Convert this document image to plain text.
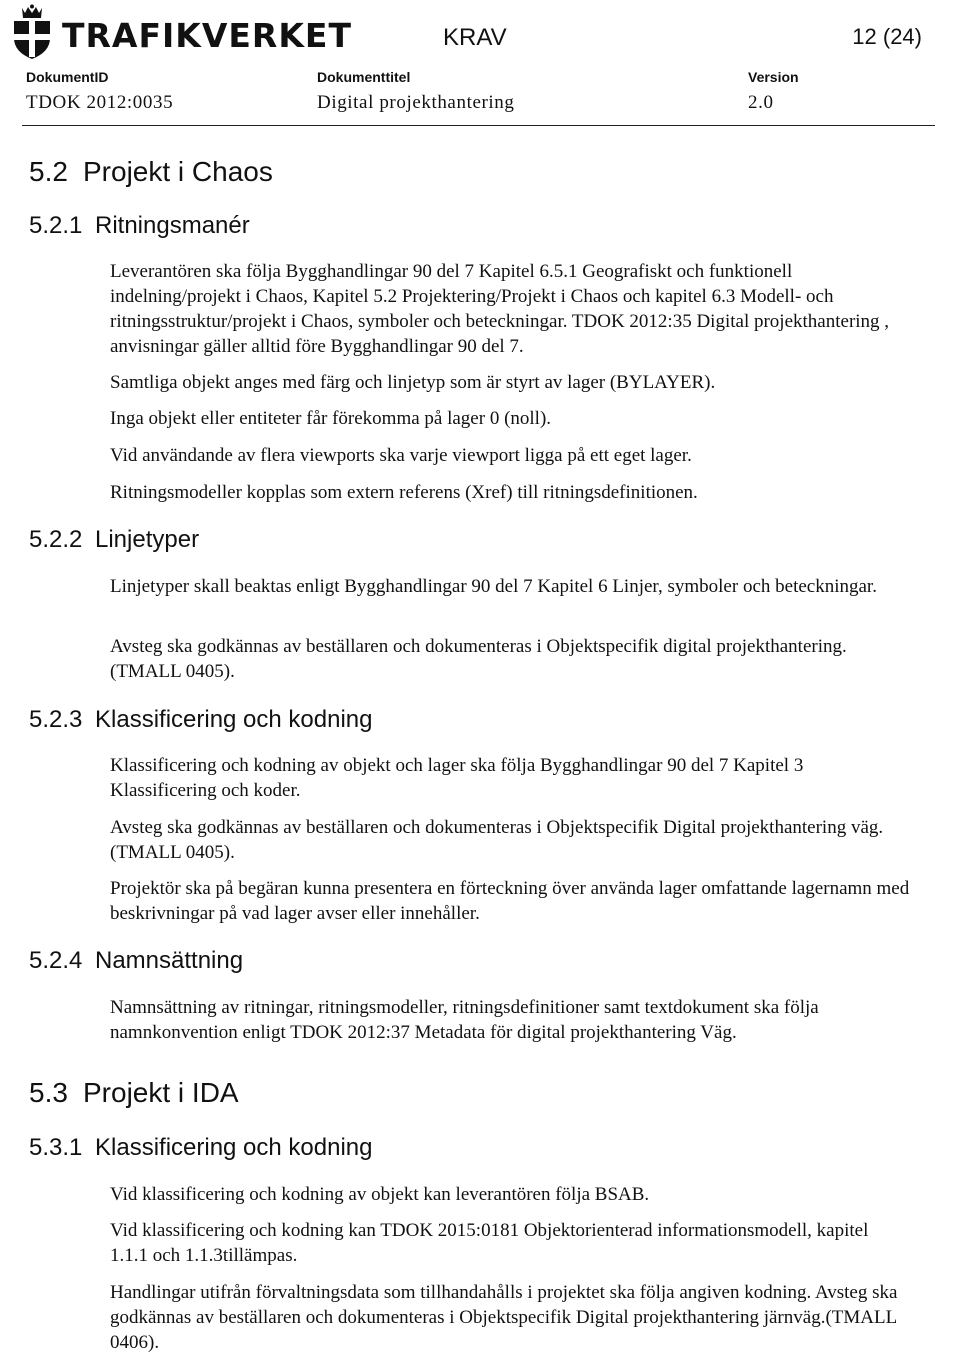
TRAFIKVERKET	KRAV	12 (24)
DokumentID	Dokumenttitel	Version
TDOK 2012:0035	Digital projekthantering	2.0
5.2 Projekt i Chaos
5.2.1 Ritningsmanér

Leverantören ska följa Bygghandlingar 90 del 7 Kapitel 6.5.1 Geografiskt och funktionell indelning/projekt i Chaos, Kapitel 5.2 Projektering/Projekt i Chaos och kapitel 6.3 Modell- och ritningsstruktur/projekt i Chaos, symboler och beteckningar. TDOK 2012:35 Digital projekthantering , anvisningar gäller alltid före Bygghandlingar 90 del 7.

Samtliga objekt anges med färg och linjetyp som är styrt av lager (BYLAYER).

Inga objekt eller entiteter får förekomma på lager 0 (noll).

Vid användande av flera viewports ska varje viewport ligga på ett eget lager.

Ritningsmodeller kopplas som extern referens (Xref) till ritningsdefinitionen.

5.2.2 Linjetyper

Linjetyper skall beaktas enligt Bygghandlingar 90 del 7 Kapitel 6 Linjer, symboler och beteckningar.

Avsteg ska godkännas av beställaren och dokumenteras i Objektspecifik digital projekthantering.(TMALL 0405).

5.2.3 Klassificering och kodning

Klassificering och kodning av objekt och lager ska följa Bygghandlingar 90 del 7 Kapitel 3 Klassificering och koder.

Avsteg ska godkännas av beställaren och dokumenteras i Objektspecifik Digital projekthantering väg.(TMALL 0405).

Projektör ska på begäran kunna presentera en förteckning över använda lager omfattande lagernamn med beskrivningar på vad lager avser eller innehåller.

5.2.4 Namnsättning

Namnsättning av ritningar, ritningsmodeller, ritningsdefinitioner samt textdokument ska följa namnkonvention enligt TDOK 2012:37 Metadata för digital projekthantering Väg.

5.3 Projekt i IDA
5.3.1 Klassificering och kodning

Vid klassificering och kodning av objekt kan leverantören följa BSAB.

Vid klassificering och kodning kan TDOK 2015:0181 Objektorienterad informationsmodell, kapitel 1.1.1 och 1.1.3tillämpas.

Handlingar utifrån förvaltningsdata som tillhandahålls i projektet ska följa angiven kodning. Avsteg ska godkännas av beställaren och dokumenteras i Objektspecifik Digital projekthantering järnväg.(TMALL 0406).
